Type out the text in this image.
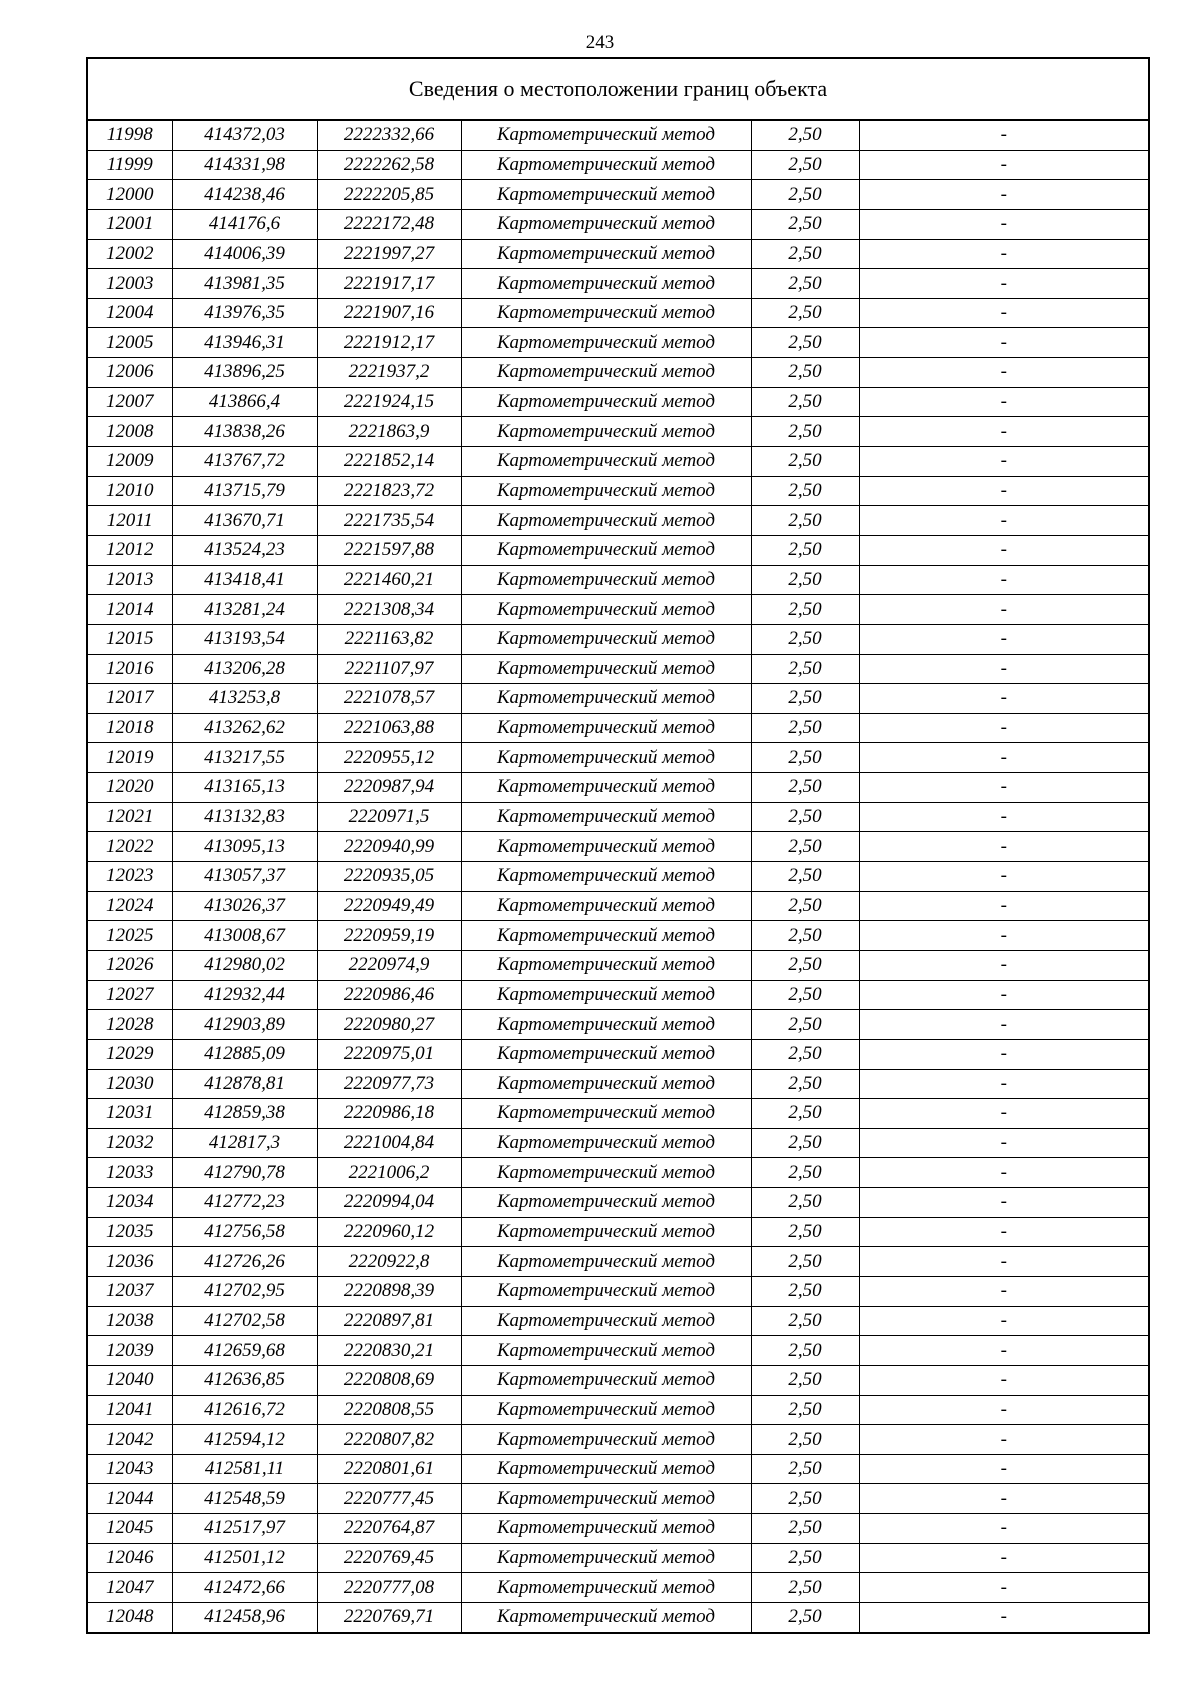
243
Сведения о местоположении границ объекта					
11998	414372,03	2222332,66	Картометрический метод	2,50	-
11999	414331,98	2222262,58	Картометрический метод	2,50	-
12000	414238,46	2222205,85	Картометрический метод	2,50	-
12001	414176,6	2222172,48	Картометрический метод	2,50	-
12002	414006,39	2221997,27	Картометрический метод	2,50	-
12003	413981,35	2221917,17	Картометрический метод	2,50	-
12004	413976,35	2221907,16	Картометрический метод	2,50	-
12005	413946,31	2221912,17	Картометрический метод	2,50	-
12006	413896,25	2221937,2	Картометрический метод	2,50	-
12007	413866,4	2221924,15	Картометрический метод	2,50	-
12008	413838,26	2221863,9	Картометрический метод	2,50	-
12009	413767,72	2221852,14	Картометрический метод	2,50	-
12010	413715,79	2221823,72	Картометрический метод	2,50	-
12011	413670,71	2221735,54	Картометрический метод	2,50	-
12012	413524,23	2221597,88	Картометрический метод	2,50	-
12013	413418,41	2221460,21	Картометрический метод	2,50	-
12014	413281,24	2221308,34	Картометрический метод	2,50	-
12015	413193,54	2221163,82	Картометрический метод	2,50	-
12016	413206,28	2221107,97	Картометрический метод	2,50	-
12017	413253,8	2221078,57	Картометрический метод	2,50	-
12018	413262,62	2221063,88	Картометрический метод	2,50	-
12019	413217,55	2220955,12	Картометрический метод	2,50	-
12020	413165,13	2220987,94	Картометрический метод	2,50	-
12021	413132,83	2220971,5	Картометрический метод	2,50	-
12022	413095,13	2220940,99	Картометрический метод	2,50	-
12023	413057,37	2220935,05	Картометрический метод	2,50	-
12024	413026,37	2220949,49	Картометрический метод	2,50	-
12025	413008,67	2220959,19	Картометрический метод	2,50	-
12026	412980,02	2220974,9	Картометрический метод	2,50	-
12027	412932,44	2220986,46	Картометрический метод	2,50	-
12028	412903,89	2220980,27	Картометрический метод	2,50	-
12029	412885,09	2220975,01	Картометрический метод	2,50	-
12030	412878,81	2220977,73	Картометрический метод	2,50	-
12031	412859,38	2220986,18	Картометрический метод	2,50	-
12032	412817,3	2221004,84	Картометрический метод	2,50	-
12033	412790,78	2221006,2	Картометрический метод	2,50	-
12034	412772,23	2220994,04	Картометрический метод	2,50	-
12035	412756,58	2220960,12	Картометрический метод	2,50	-
12036	412726,26	2220922,8	Картометрический метод	2,50	-
12037	412702,95	2220898,39	Картометрический метод	2,50	-
12038	412702,58	2220897,81	Картометрический метод	2,50	-
12039	412659,68	2220830,21	Картометрический метод	2,50	-
12040	412636,85	2220808,69	Картометрический метод	2,50	-
12041	412616,72	2220808,55	Картометрический метод	2,50	-
12042	412594,12	2220807,82	Картометрический метод	2,50	-
12043	412581,11	2220801,61	Картометрический метод	2,50	-
12044	412548,59	2220777,45	Картометрический метод	2,50	-
12045	412517,97	2220764,87	Картометрический метод	2,50	-
12046	412501,12	2220769,45	Картометрический метод	2,50	-
12047	412472,66	2220777,08	Картометрический метод	2,50	-
12048	412458,96	2220769,71	Картометрический метод	2,50	-
